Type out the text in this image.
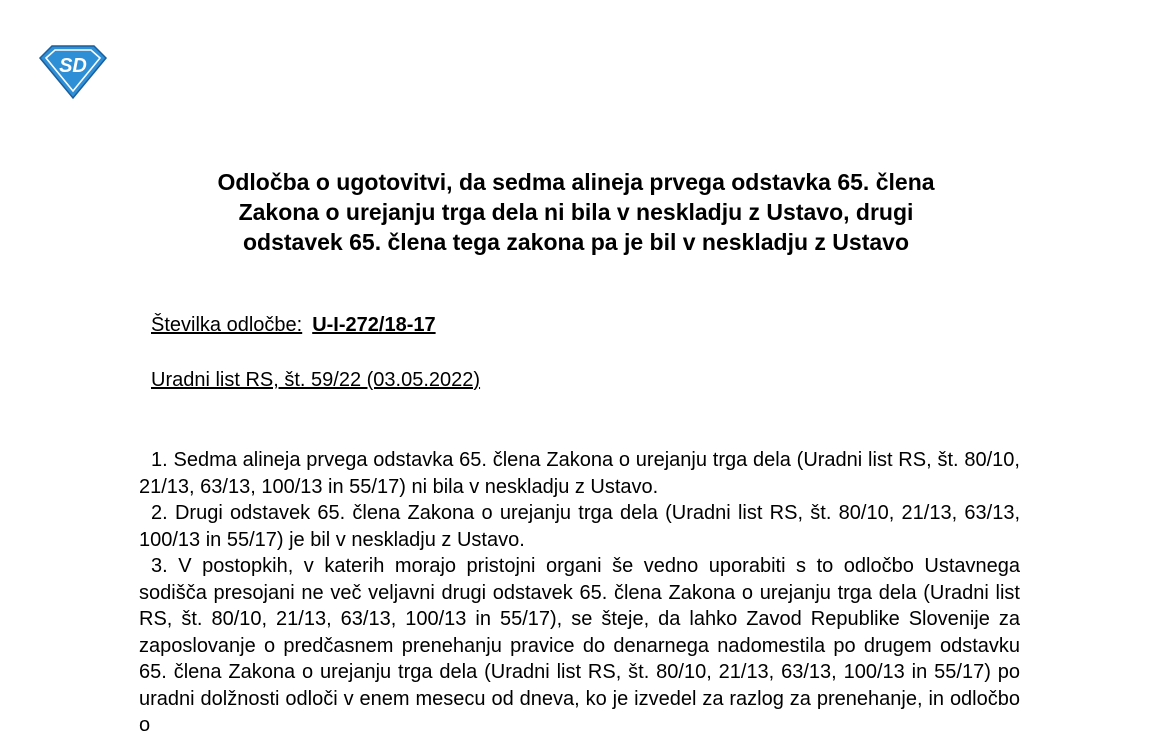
SD
Odločba o ugotovitvi, da sedma alineja prvega odstavka 65. člena
Zakona o urejanju trga dela ni bila v neskladju z Ustavo, drugi
odstavek 65. člena tega zakona pa je bil v neskladju z Ustavo
Številka odločbe: U-I-272/18-17
Uradni list RS, št. 59/22 (03.05.2022)

1. Sedma alineja prvega odstavka 65. člena Zakona o urejanju trga dela (Uradni list RS, št. 80/10, 21/13, 63/13, 100/13 in 55/17) ni bila v neskladju z Ustavo.

2. Drugi odstavek 65. člena Zakona o urejanju trga dela (Uradni list RS, št. 80/10, 21/13, 63/13, 100/13 in 55/17) je bil v neskladju z Ustavo.

3. V postopkih, v katerih morajo pristojni organi še vedno uporabiti s to odločbo Ustavnega sodišča presojani ne več veljavni drugi odstavek 65. člena Zakona o urejanju trga dela (Uradni list RS, št. 80/10, 21/13, 63/13, 100/13 in 55/17), se šteje, da lahko Zavod Republike Slovenije za zaposlovanje o predčasnem prenehanju pravice do denarnega nadomestila po drugem odstavku 65. člena Zakona o urejanju trga dela (Uradni list RS, št. 80/10, 21/13, 63/13, 100/13 in 55/17) po uradni dolžnosti odloči v enem mesecu od dneva, ko je izvedel za razlog za prenehanje, in odločbo o
